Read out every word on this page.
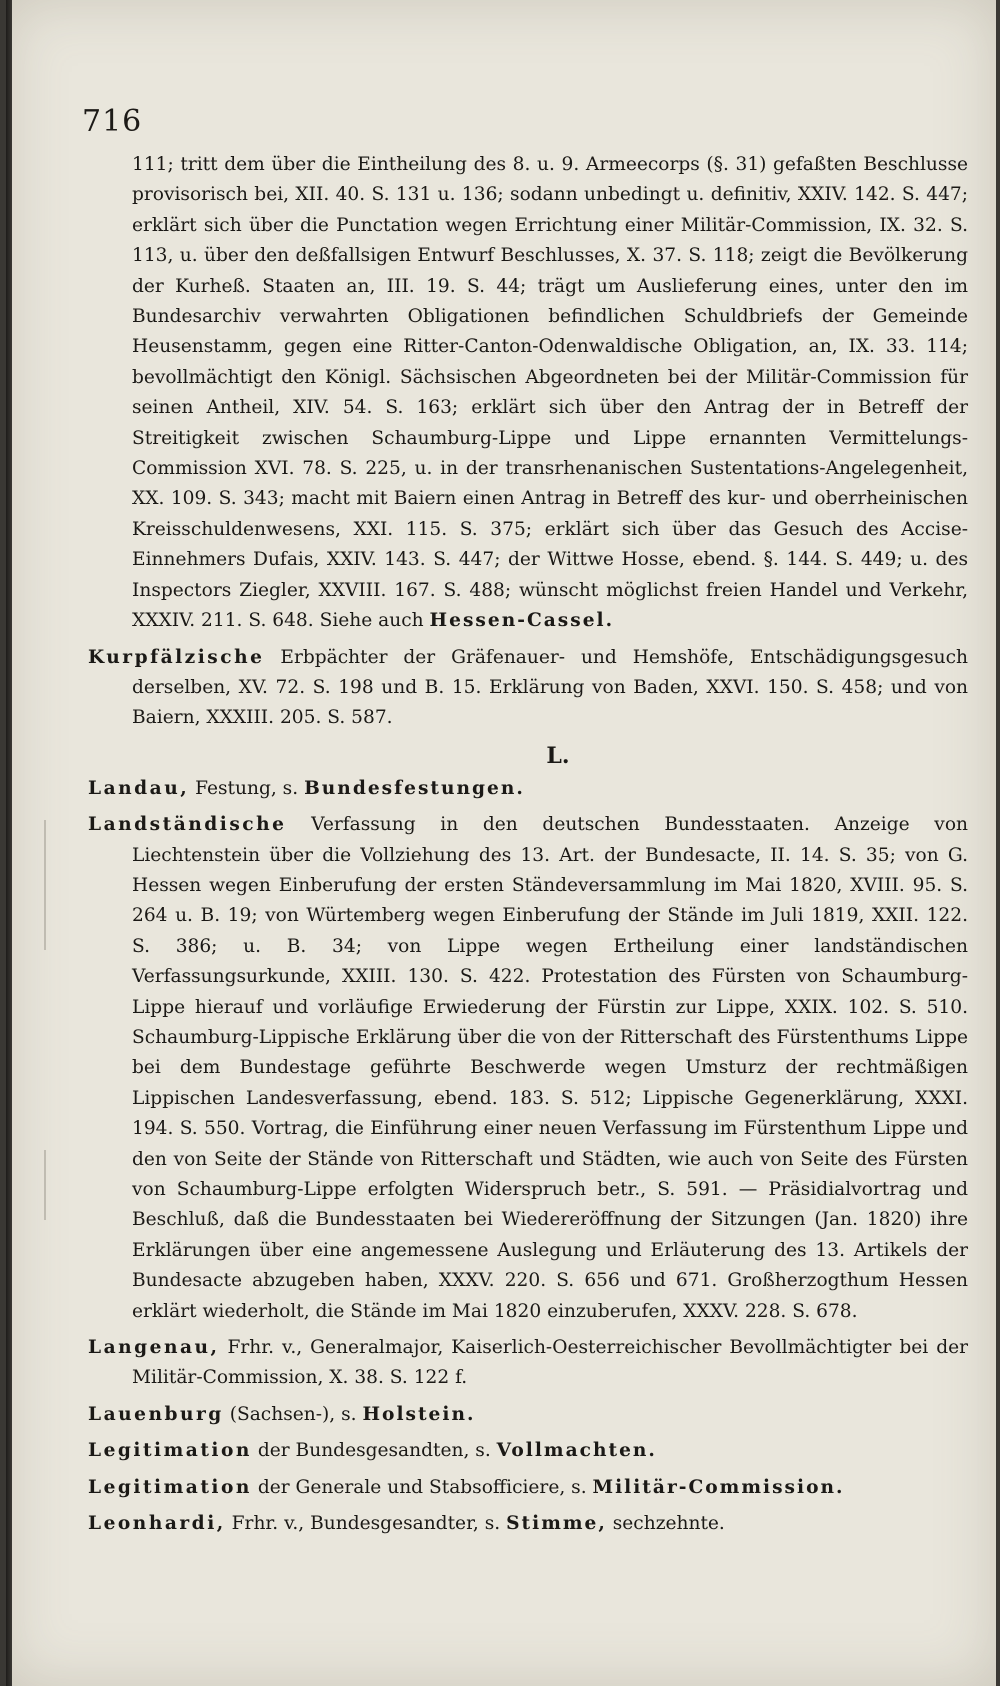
716

111; tritt dem über die Eintheilung des 8. u. 9. Armeecorps (§. 31) gefaßten Beschlusse provisorisch bei, XII. 40. S. 131 u. 136; sodann unbedingt u. definitiv, XXIV. 142. S. 447; erklärt sich über die Punctation wegen Errichtung einer Militär-Commission, IX. 32. S. 113, u. über den deßfallsigen Entwurf Beschlusses, X. 37. S. 118; zeigt die Bevölkerung der Kurheß. Staaten an, III. 19. S. 44; trägt um Auslieferung eines, unter den im Bundesarchiv verwahrten Obligationen befindlichen Schuldbriefs der Gemeinde Heusenstamm, gegen eine Ritter-Canton-Odenwaldische Obligation, an, IX. 33. 114; bevollmächtigt den Königl. Sächsischen Abgeordneten bei der Militär-Commission für seinen Antheil, XIV. 54. S. 163; erklärt sich über den Antrag der in Betreff der Streitigkeit zwischen Schaumburg-Lippe und Lippe ernannten Vermittelungs-Commission XVI. 78. S. 225, u. in der transrhenanischen Sustentations-Angelegenheit, XX. 109. S. 343; macht mit Baiern einen Antrag in Betreff des kur- und oberrheinischen Kreisschuldenwesens, XXI. 115. S. 375; erklärt sich über das Gesuch des Accise-Einnehmers Dufais, XXIV. 143. S. 447; der Wittwe Hosse, ebend. §. 144. S. 449; u. des Inspectors Ziegler, XXVIII. 167. S. 488; wünscht möglichst freien Handel und Verkehr, XXXIV. 211. S. 648. Siehe auch Hessen-Cassel.

Kurpfälzische Erbpächter der Gräfenauer- und Hemshöfe, Entschädigungsgesuch derselben, XV. 72. S. 198 und B. 15. Erklärung von Baden, XXVI. 150. S. 458; und von Baiern, XXXIII. 205. S. 587.

L.

Landau, Festung, s. Bundesfestungen.

Landständische Verfassung in den deutschen Bundesstaaten. Anzeige von Liechtenstein über die Vollziehung des 13. Art. der Bundesacte, II. 14. S. 35; von G. Hessen wegen Einberufung der ersten Ständeversammlung im Mai 1820, XVIII. 95. S. 264 u. B. 19; von Würtemberg wegen Einberufung der Stände im Juli 1819, XXII. 122. S. 386; u. B. 34; von Lippe wegen Ertheilung einer landständischen Verfassungsurkunde, XXIII. 130. S. 422. Protestation des Fürsten von Schaumburg-Lippe hierauf und vorläufige Erwiederung der Fürstin zur Lippe, XXIX. 102. S. 510. Schaumburg-Lippische Erklärung über die von der Ritterschaft des Fürstenthums Lippe bei dem Bundestage geführte Beschwerde wegen Umsturz der rechtmäßigen Lippischen Landesverfassung, ebend. 183. S. 512; Lippische Gegenerklärung, XXXI. 194. S. 550. Vortrag, die Einführung einer neuen Verfassung im Fürstenthum Lippe und den von Seite der Stände von Ritterschaft und Städten, wie auch von Seite des Fürsten von Schaumburg-Lippe erfolgten Widerspruch betr., S. 591. — Präsidialvortrag und Beschluß, daß die Bundesstaaten bei Wiedereröffnung der Sitzungen (Jan. 1820) ihre Erklärungen über eine angemessene Auslegung und Erläuterung des 13. Artikels der Bundesacte abzugeben haben, XXXV. 220. S. 656 und 671. Großherzogthum Hessen erklärt wiederholt, die Stände im Mai 1820 einzuberufen, XXXV. 228. S. 678.

Langenau, Frhr. v., Generalmajor, Kaiserlich-Oesterreichischer Bevollmächtigter bei der Militär-Commission, X. 38. S. 122 f.

Lauenburg (Sachsen-), s. Holstein.

Legitimation der Bundesgesandten, s. Vollmachten.

Legitimation der Generale und Stabsofficiere, s. Militär-Commission.

Leonhardi, Frhr. v., Bundesgesandter, s. Stimme, sechzehnte.
